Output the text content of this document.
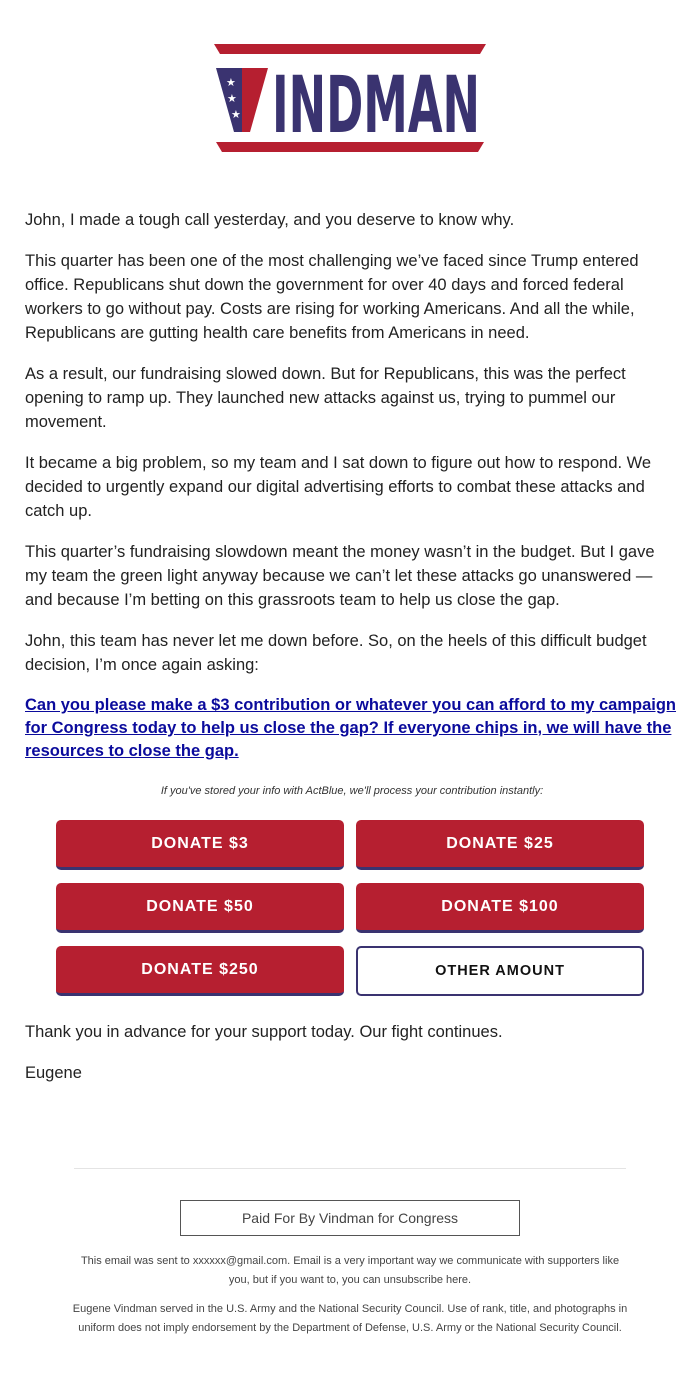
★
★
★ INDMAN

John, I made a tough call yesterday, and you deserve to know why.

This quarter has been one of the most challenging we’ve faced since Trump entered office. Republicans shut down the government for over 40 days and forced federal workers to go without pay. Costs are rising for working Americans. And all the while, Republicans are gutting health care benefits from Americans in need.

As a result, our fundraising slowed down. But for Republicans, this was the perfect opening to ramp up. They launched new attacks against us, trying to pummel our movement.

It became a big problem, so my team and I sat down to figure out how to respond. We decided to urgently expand our digital advertising efforts to combat these attacks and catch up.

This quarter’s fundraising slowdown meant the money wasn’t in the budget. But I gave my team the green light anyway because we can’t let these attacks go unanswered — and because I’m betting on this grassroots team to help us close the gap.

John, this team has never let me down before. So, on the heels of this difficult budget decision, I’m once again asking:

Can you please make a $3 contribution or whatever you can afford to my campaign for Congress today to help us close the gap? If everyone chips in, we will have the resources to close the gap.
If you've stored your info with ActBlue, we'll process your contribution instantly:
DONATE $3	DONATE $25
DONATE $50	DONATE $100
DONATE $250	OTHER AMOUNT

Thank you in advance for your support today. Our fight continues.

Eugene

Paid For By Vindman for Congress
This email was sent to xxxxxx@gmail.com. Email is a very important way we communicate with supporters like you, but if you want to, you can unsubscribe here.
Eugene Vindman served in the U.S. Army and the National Security Council. Use of rank, title, and photographs in uniform does not imply endorsement by the Department of Defense, U.S. Army or the National Security Council.
